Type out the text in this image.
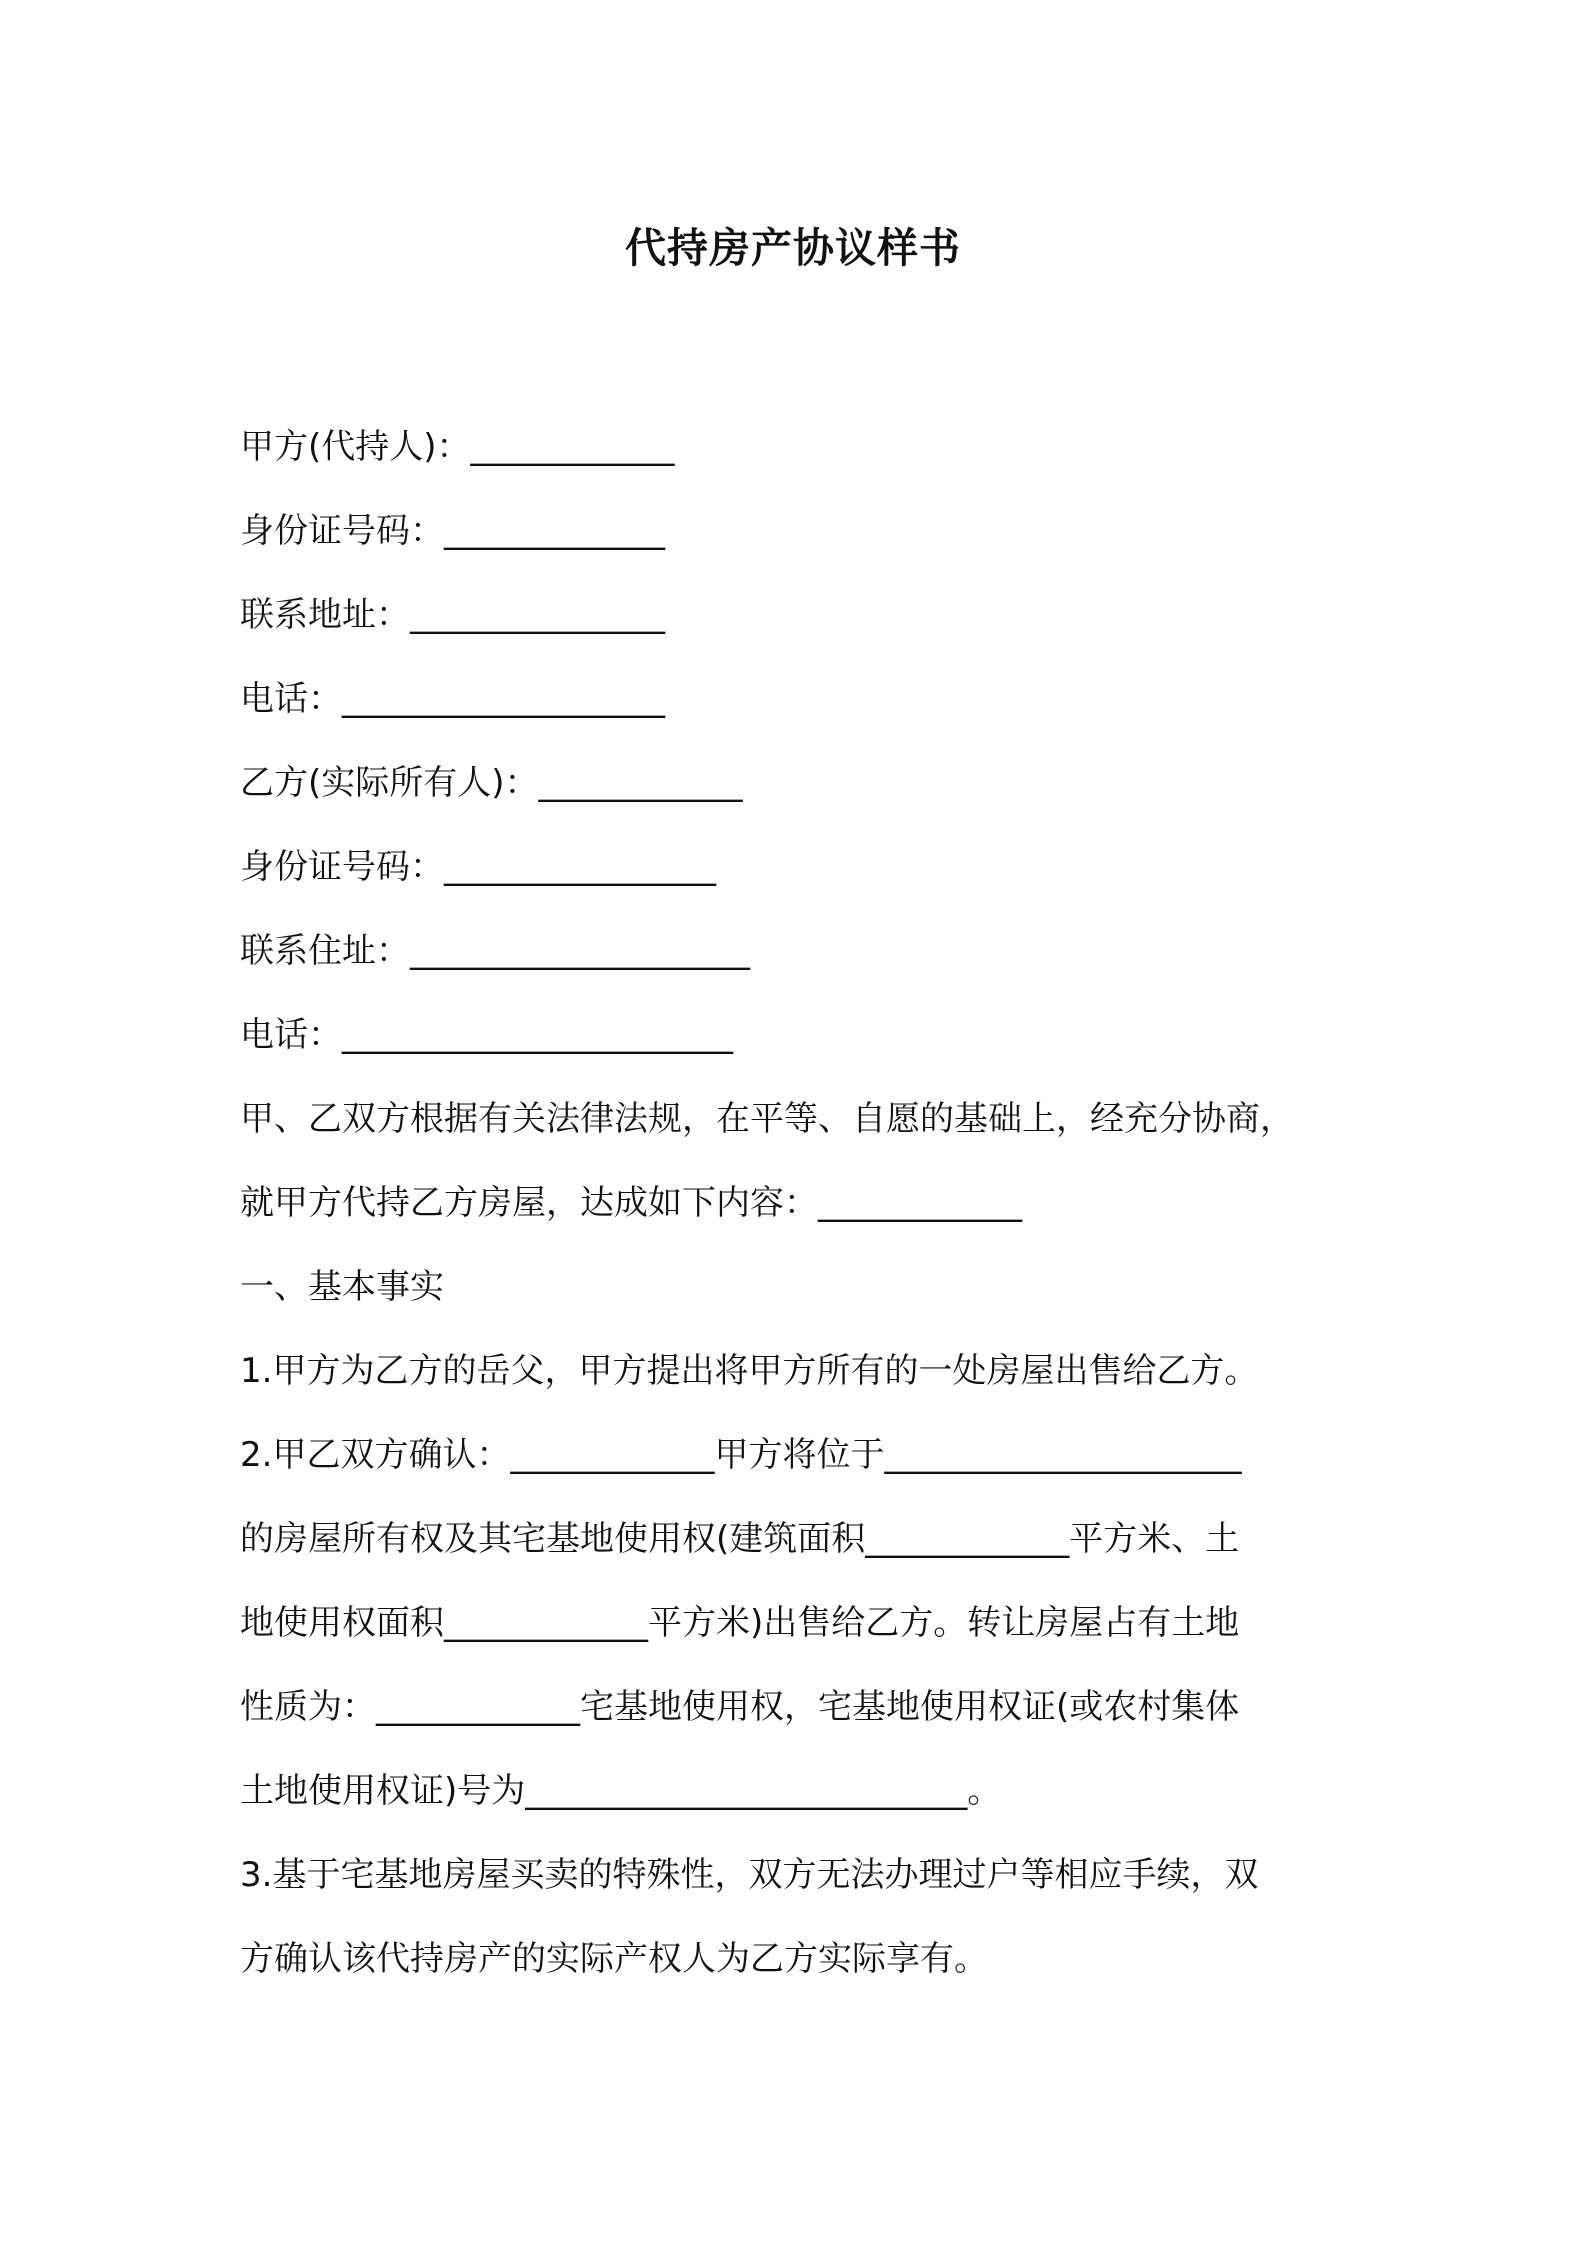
代持房产协议样书
甲方(代持人)：____________
身份证号码：_____________
联系地址：_______________
电话：___________________
乙方(实际所有人)：____________
身份证号码：________________
联系住址：____________________
电话：_______________________
甲、乙双方根据有关法律法规，在平等、自愿的基础上，经充分协商，
就甲方代持乙方房屋，达成如下内容：____________
一、基本事实
1.甲方为乙方的岳父，甲方提出将甲方所有的一处房屋出售给乙方。
2.甲乙双方确认：____________甲方将位于_____________________
的房屋所有权及其宅基地使用权(建筑面积____________平方米、土
地使用权面积____________平方米)出售给乙方。转让房屋占有土地
性质为：____________宅基地使用权，宅基地使用权证(或农村集体
土地使用权证)号为__________________________。
3.基于宅基地房屋买卖的特殊性，双方无法办理过户等相应手续，双
方确认该代持房产的实际产权人为乙方实际享有。
